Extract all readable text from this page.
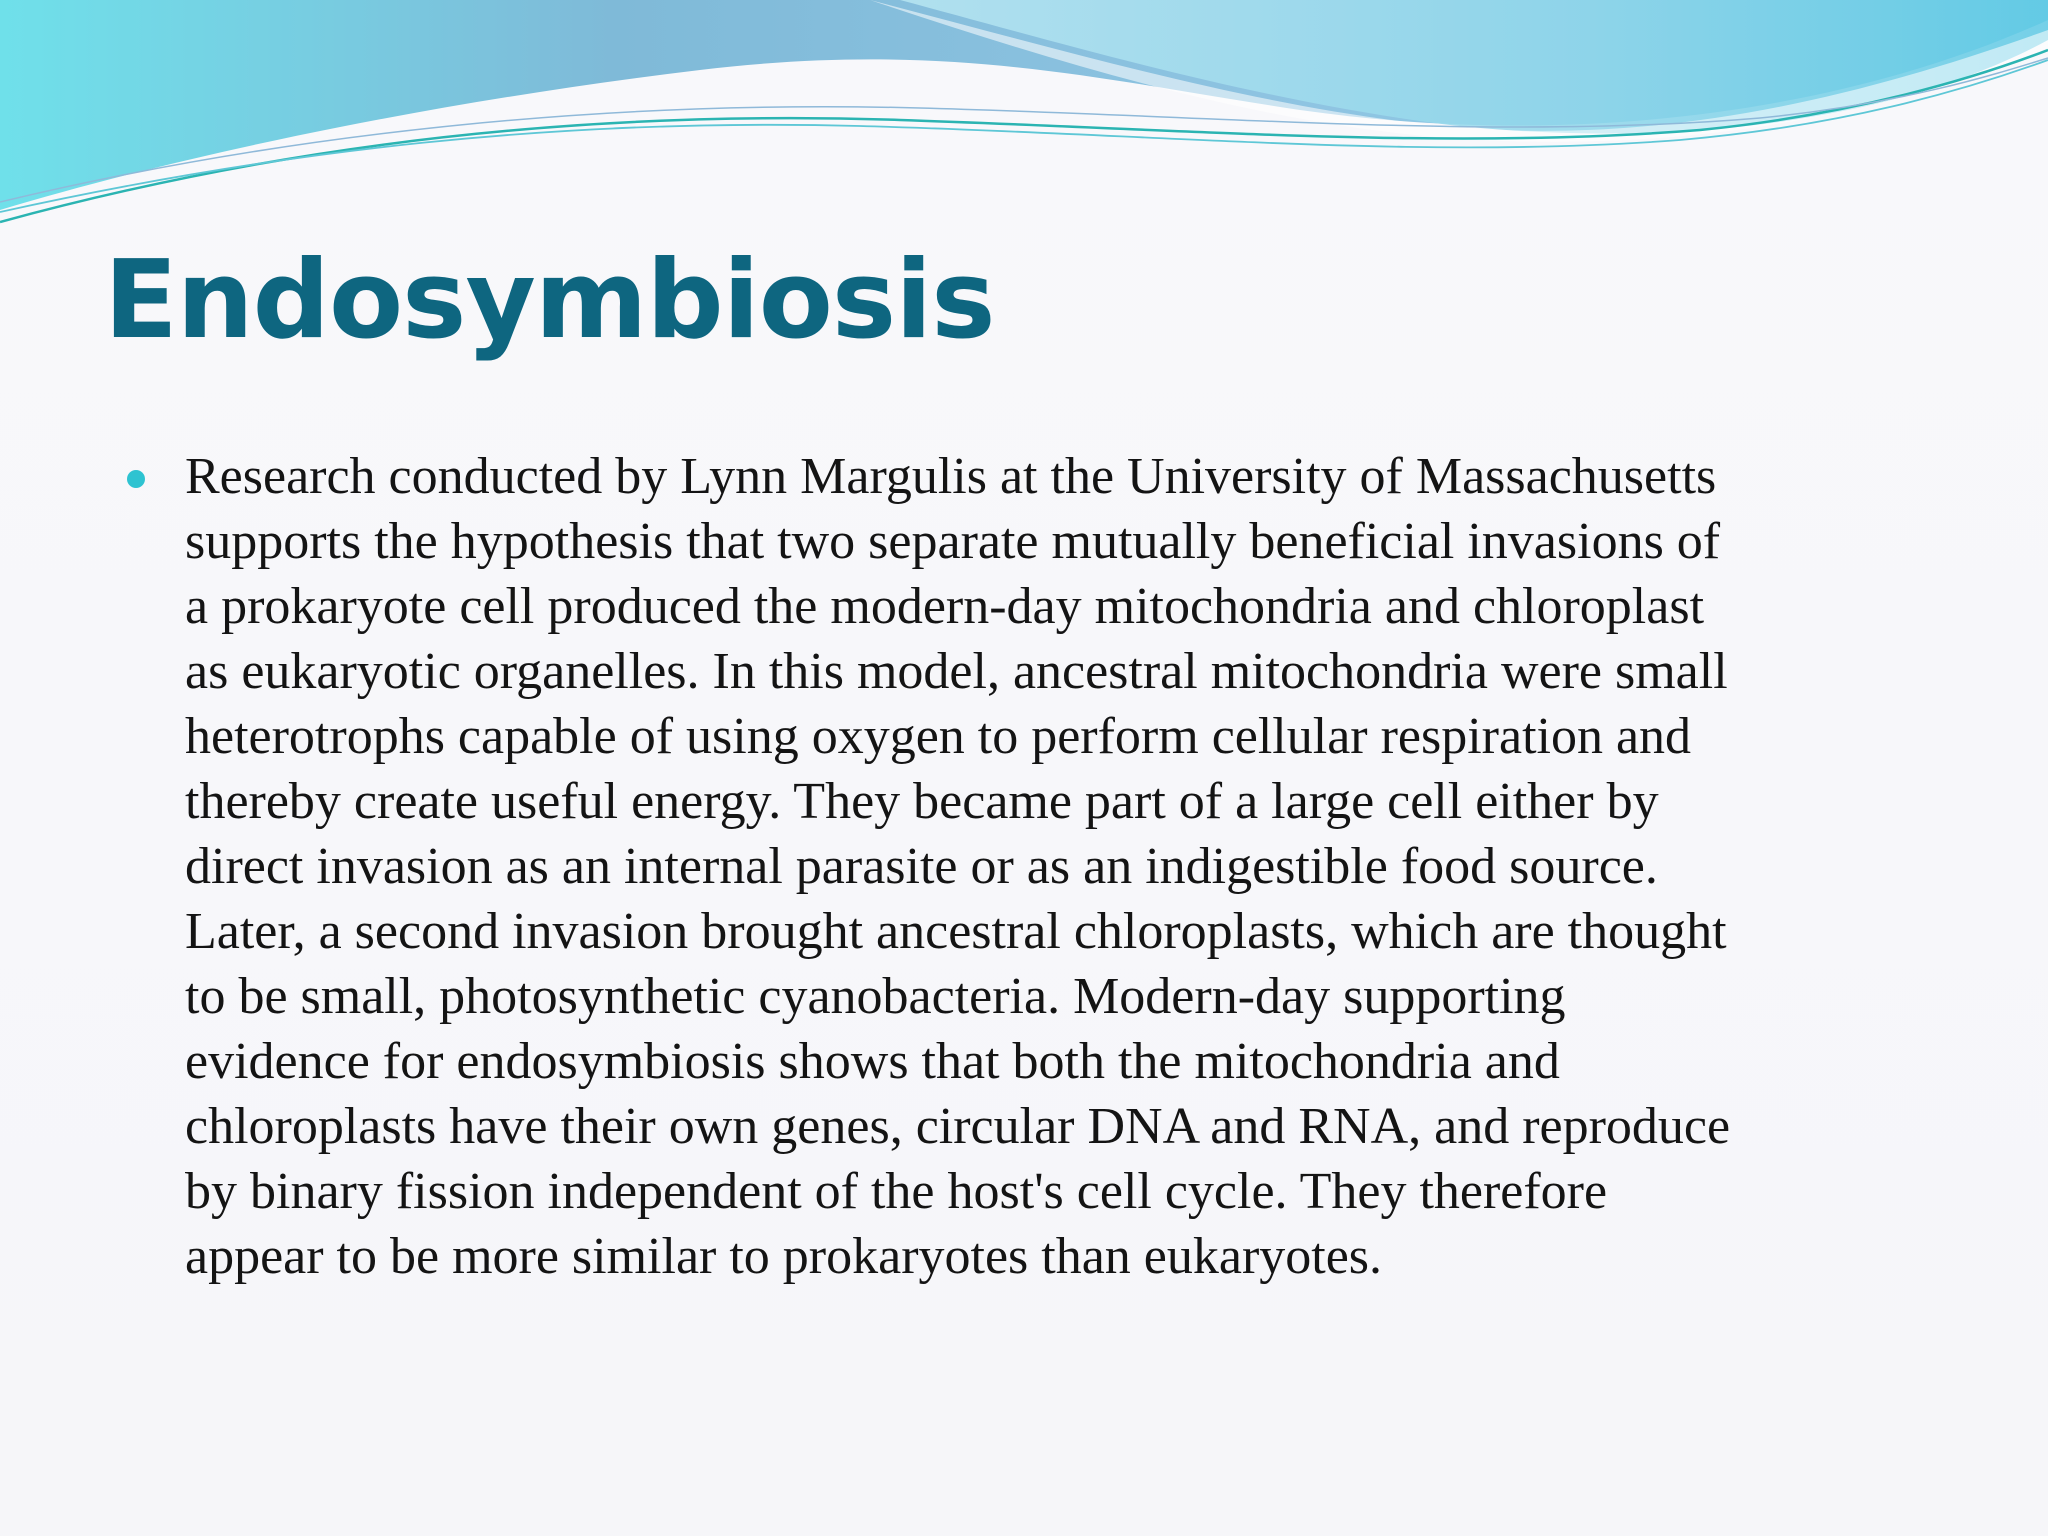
Endosymbiosis
Research conducted by Lynn Margulis at the University of Massachusetts
supports the hypothesis that two separate mutually beneficial invasions of
a prokaryote cell produced the modern-day mitochondria and chloroplast
as eukaryotic organelles. In this model, ancestral mitochondria were small
heterotrophs capable of using oxygen to perform cellular respiration and
thereby create useful energy. They became part of a large cell either by
direct invasion as an internal parasite or as an indigestible food source.
Later, a second invasion brought ancestral chloroplasts, which are thought
to be small, photosynthetic cyanobacteria. Modern-day supporting
evidence for endosymbiosis shows that both the mitochondria and
chloroplasts have their own genes, circular DNA and RNA, and reproduce
by binary fission independent of the host's cell cycle. They therefore
appear to be more similar to prokaryotes than eukaryotes.
